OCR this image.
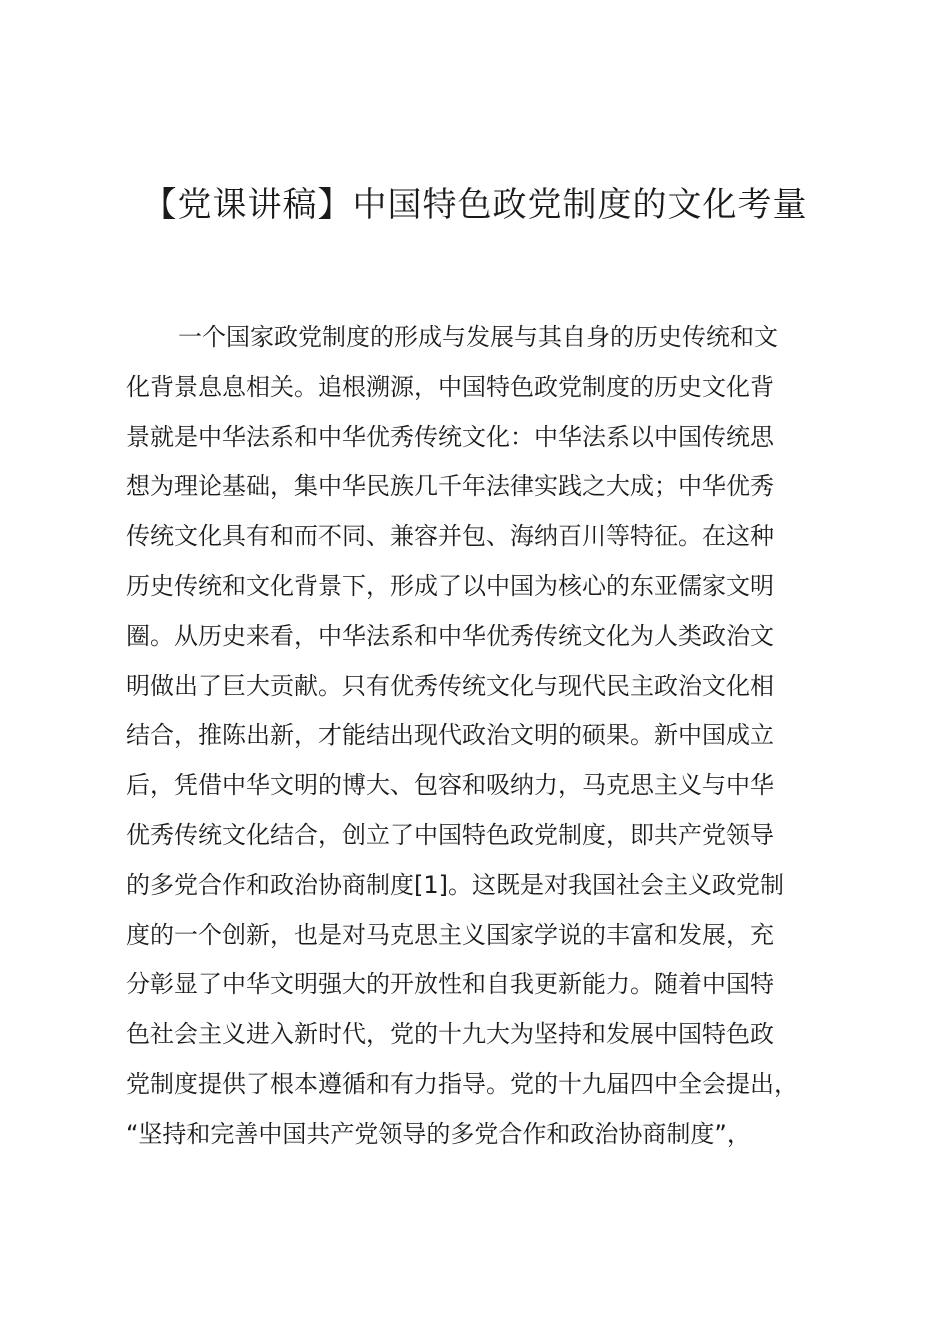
【党课讲稿】中国特色政党制度的文化考量
一个国家政党制度的形成与发展与其自身的历史传统和文
化背景息息相关。追根溯源，中国特色政党制度的历史文化背
景就是中华法系和中华优秀传统文化：中华法系以中国传统思
想为理论基础，集中华民族几千年法律实践之大成；中华优秀
传统文化具有和而不同、兼容并包、海纳百川等特征。在这种
历史传统和文化背景下，形成了以中国为核心的东亚儒家文明
圈。从历史来看，中华法系和中华优秀传统文化为人类政治文
明做出了巨大贡献。只有优秀传统文化与现代民主政治文化相
结合，推陈出新，才能结出现代政治文明的硕果。新中国成立
后，凭借中华文明的博大、包容和吸纳力，马克思主义与中华
优秀传统文化结合，创立了中国特色政党制度，即共产党领导
的多党合作和政治协商制度[1]。这既是对我国社会主义政党制
度的一个创新，也是对马克思主义国家学说的丰富和发展，充
分彰显了中华文明强大的开放性和自我更新能力。随着中国特
色社会主义进入新时代，党的十九大为坚持和发展中国特色政
党制度提供了根本遵循和有力指导。党的十九届四中全会提出，
“坚持和完善中国共产党领导的多党合作和政治协商制度”，
